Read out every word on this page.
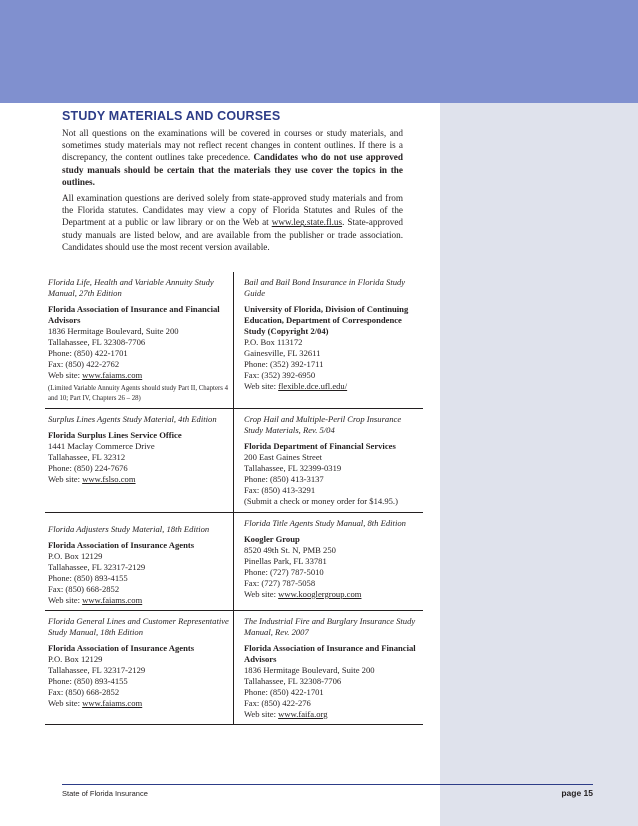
STUDY MATERIALS AND COURSES

Not all questions on the examinations will be covered in courses or study materials, and sometimes study materials may not reflect recent changes in content outlines. If there is a discrepancy, the content outlines take precedence. Candidates who do not use approved study manuals should be certain that the materials they use cover the topics in the outlines.

All examination questions are derived solely from state-approved study materials and from the Florida statutes. Candidates may view a copy of Florida Statutes and Rules of the Department at a public or law library or on the Web at www.leg.state.fl.us. State-approved study manuals are listed below, and are available from the publisher or trade association. Candidates should use the most recent version available.

Florida Life, Health and Variable Annuity Study Manual, 27th Edition
Florida Association of Insurance and Financial Advisors
1836 Hermitage Boulevard, Suite 200
Tallahassee, FL 32308-7706
Phone: (850) 422-1701
Fax: (850) 422-2762
Web site: www.faiams.com
(Limited Variable Annuity Agents should study Part II, Chapters 4 and 10; Part IV, Chapters 26 – 28)
Bail and Bail Bond Insurance in Florida Study Guide
University of Florida, Division of Continuing Education, Department of Correspondence Study (Copyright 2/04)
P.O. Box 113172
Gainesville, FL 32611
Phone: (352) 392-1711
Fax: (352) 392-6950
Web site: flexible.dce.ufl.edu/
Surplus Lines Agents Study Material, 4th Edition
Florida Surplus Lines Service Office
1441 Maclay Commerce Drive
Tallahassee, FL 32312
Phone: (850) 224-7676
Web site: www.fslso.com
Crop Hail and Multiple-Peril Crop Insurance Study Materials, Rev. 5/04
Florida Department of Financial Services
200 East Gaines Street
Tallahassee, FL 32399-0319
Phone: (850) 413-3137
Fax: (850) 413-3291
(Submit a check or money order for $14.95.)
Florida Adjusters Study Material, 18th Edition
Florida Association of Insurance Agents
P.O. Box 12129
Tallahassee, FL 32317-2129
Phone: (850) 893-4155
Fax: (850) 668-2852
Web site: www.faiams.com
Florida Title Agents Study Manual, 8th Edition
Koogler Group
8520 49th St. N, PMB 250
Pinellas Park, FL 33781
Phone: (727) 787-5010
Fax: (727) 787-5058
Web site: www.kooglergroup.com
Florida General Lines and Customer Representative Study Manual, 18th Edition
Florida Association of Insurance Agents
P.O. Box 12129
Tallahassee, FL 32317-2129
Phone: (850) 893-4155
Fax: (850) 668-2852
Web site: www.faiams.com
The Industrial Fire and Burglary Insurance Study Manual, Rev. 2007
Florida Association of Insurance and Financial Advisors
1836 Hermitage Boulevard, Suite 200
Tallahassee, FL 32308-7706
Phone: (850) 422-1701
Fax: (850) 422-276
Web site: www.faifa.org
State of Florida Insurance	page 15
